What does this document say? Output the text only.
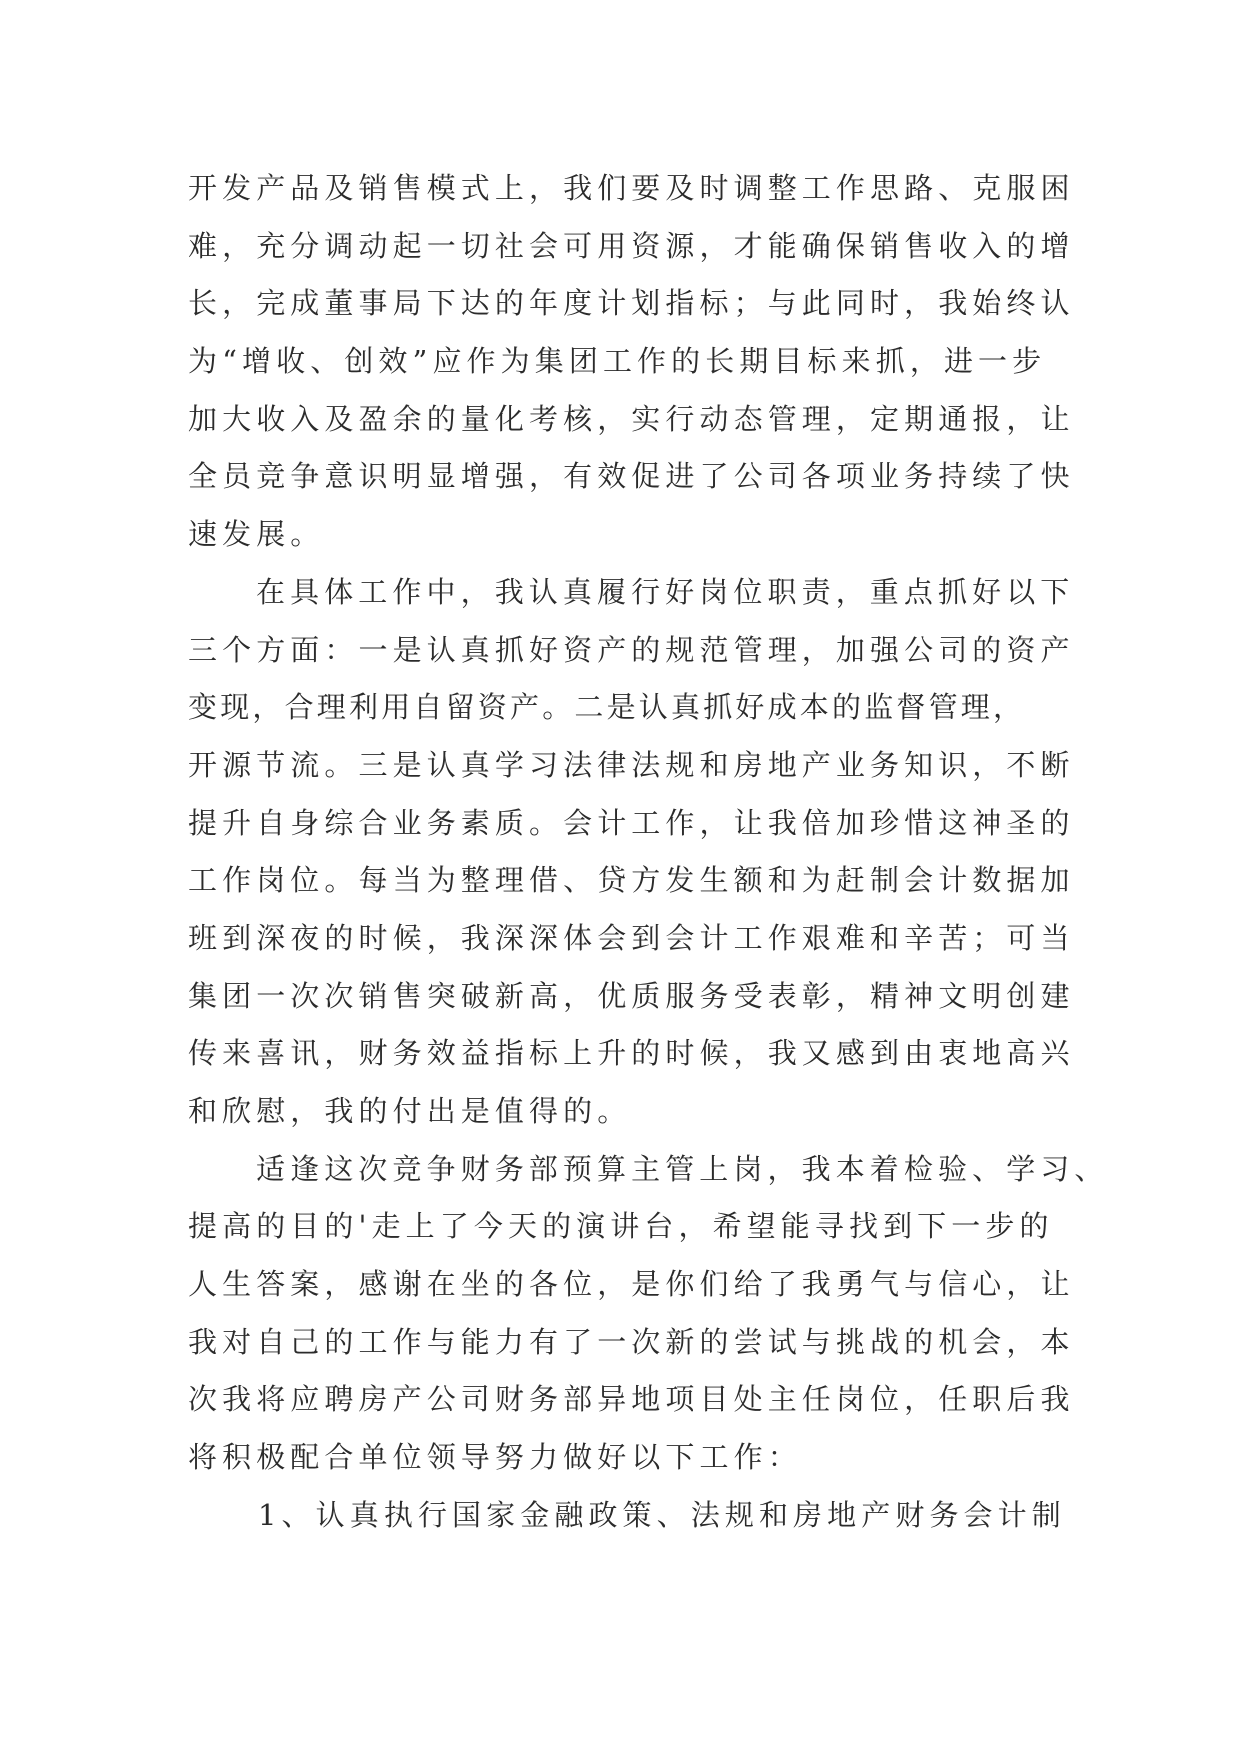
开发产品及销售模式上，我们要及时调整工作思路、克服困
难，充分调动起一切社会可用资源，才能确保销售收入的增
长，完成董事局下达的年度计划指标；与此同时，我始终认
为“增收、创效”应作为集团工作的长期目标来抓，进一步
加大收入及盈余的量化考核，实行动态管理，定期通报，让
全员竞争意识明显增强，有效促进了公司各项业务持续了快
速发展。
在具体工作中，我认真履行好岗位职责，重点抓好以下
三个方面：一是认真抓好资产的规范管理，加强公司的资产
变现，合理利用自留资产。二是认真抓好成本的监督管理，
开源节流。三是认真学习法律法规和房地产业务知识，不断
提升自身综合业务素质。会计工作，让我倍加珍惜这神圣的
工作岗位。每当为整理借、贷方发生额和为赶制会计数据加
班到深夜的时候，我深深体会到会计工作艰难和辛苦；可当
集团一次次销售突破新高，优质服务受表彰，精神文明创建
传来喜讯，财务效益指标上升的时候，我又感到由衷地高兴
和欣慰，我的付出是值得的。
适逢这次竞争财务部预算主管上岗，我本着检验、学习、
提高的目的'走上了今天的演讲台，希望能寻找到下一步的
人生答案，感谢在坐的各位，是你们给了我勇气与信心，让
我对自己的工作与能力有了一次新的尝试与挑战的机会，本
次我将应聘房产公司财务部异地项目处主任岗位，任职后我
将积极配合单位领导努力做好以下工作：
1、认真执行国家金融政策、法规和房地产财务会计制
